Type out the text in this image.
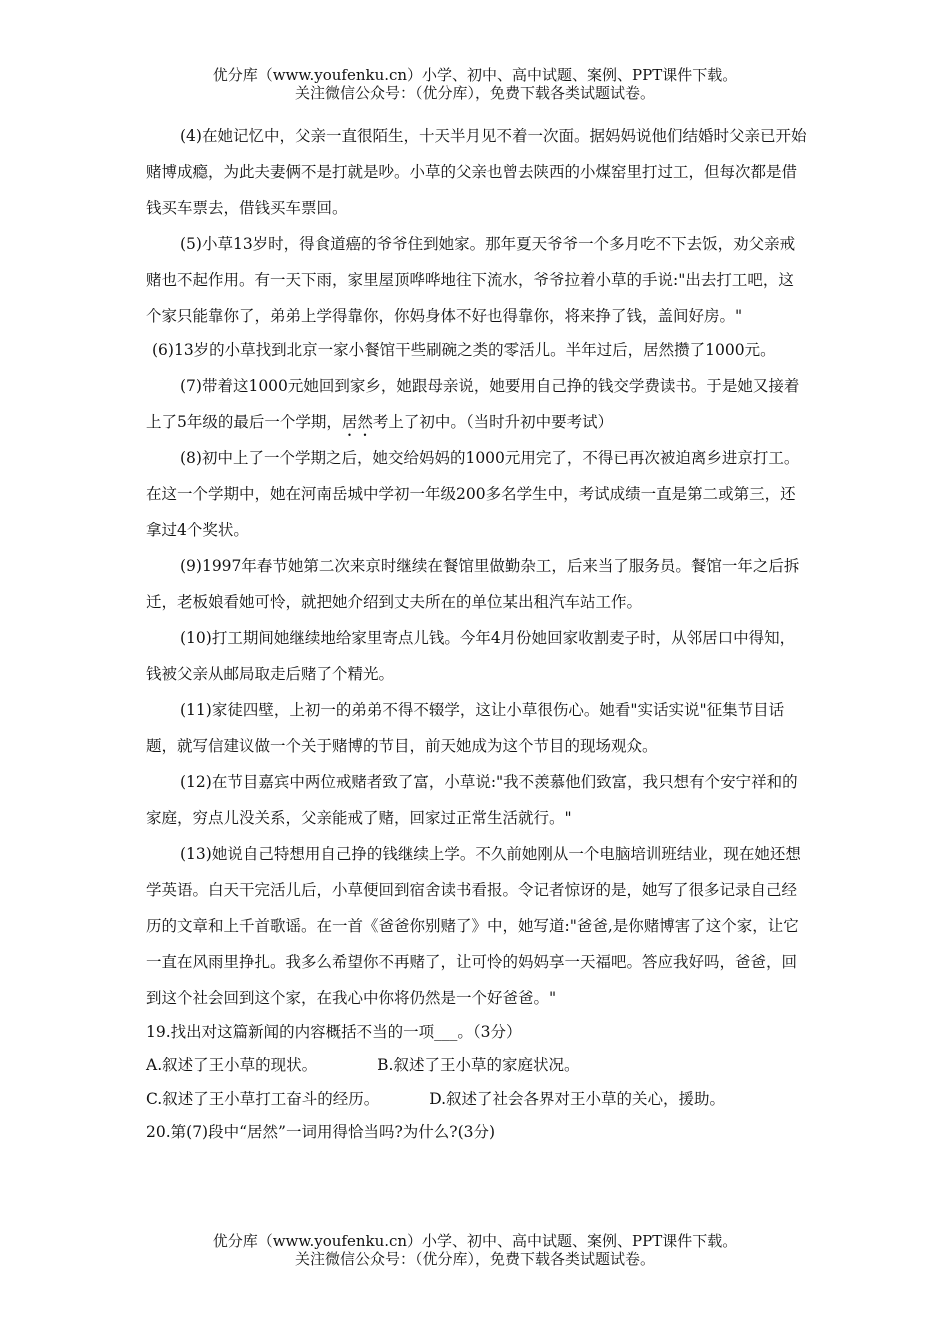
优分库（www.youfenku.cn）小学、初中、高中试题、案例、PPT课件下载。
关注微信公众号：（优分库），免费下载各类试题试卷。

(4)在她记忆中，父亲一直很陌生，十天半月见不着一次面。据妈妈说他们结婚时父亲已开始赌博成瘾，为此夫妻俩不是打就是吵。小草的父亲也曾去陕西的小煤窑里打过工，但每次都是借钱买车票去，借钱买车票回。

(5)小草13岁时，得食道癌的爷爷住到她家。那年夏天爷爷一个多月吃不下去饭，劝父亲戒赌也不起作用。有一天下雨，家里屋顶哗哗地往下流水，爷爷拉着小草的手说:"出去打工吧，这个家只能靠你了，弟弟上学得靠你，你妈身体不好也得靠你，将来挣了钱，盖间好房。"

(6)13岁的小草找到北京一家小餐馆干些刷碗之类的零活儿。半年过后，居然攒了1000元。

(7)带着这1000元她回到家乡，她跟母亲说，她要用自己挣的钱交学费读书。于是她又接着上了5年级的最后一个学期，居然考上了初中。（当时升初中要考试）

(8)初中上了一个学期之后，她交给妈妈的1000元用完了，不得已再次被迫离乡进京打工。在这一个学期中，她在河南岳城中学初一年级200多名学生中，考试成绩一直是第二或第三，还拿过4个奖状。

(9)1997年春节她第二次来京时继续在餐馆里做勤杂工，后来当了服务员。餐馆一年之后拆迁，老板娘看她可怜，就把她介绍到丈夫所在的单位某出租汽车站工作。

(10)打工期间她继续地给家里寄点儿钱。今年4月份她回家收割麦子时，从邻居口中得知，钱被父亲从邮局取走后赌了个精光。

(11)家徒四壁，上初一的弟弟不得不辍学，这让小草很伤心。她看"实话实说"征集节目话题，就写信建议做一个关于赌博的节目，前天她成为这个节目的现场观众。

(12)在节目嘉宾中两位戒赌者致了富，小草说:"我不羡慕他们致富，我只想有个安宁祥和的家庭，穷点儿没关系，父亲能戒了赌，回家过正常生活就行。"

(13)她说自己特想用自己挣的钱继续上学。不久前她刚从一个电脑培训班结业，现在她还想学英语。白天干完活儿后，小草便回到宿舍读书看报。令记者惊讶的是，她写了很多记录自己经历的文章和上千首歌谣。在一首《爸爸你别赌了》中，她写道:"爸爸,是你赌博害了这个家，让它一直在风雨里挣扎。我多么希望你不再赌了，让可怜的妈妈享一天福吧。答应我好吗，爸爸，回到这个社会回到这个家，在我心中你将仍然是一个好爸爸。"

19.找出对这篇新闻的内容概括不当的一项___。（3分）

A.叙述了王小草的现状。	B.叙述了王小草的家庭状况。

C.叙述了王小草打工奋斗的经历。	D.叙述了社会各界对王小草的关心，援助。

20.第(7)段中“居然”一词用得恰当吗?为什么?(3分)

优分库（www.youfenku.cn）小学、初中、高中试题、案例、PPT课件下载。
关注微信公众号：（优分库），免费下载各类试题试卷。
